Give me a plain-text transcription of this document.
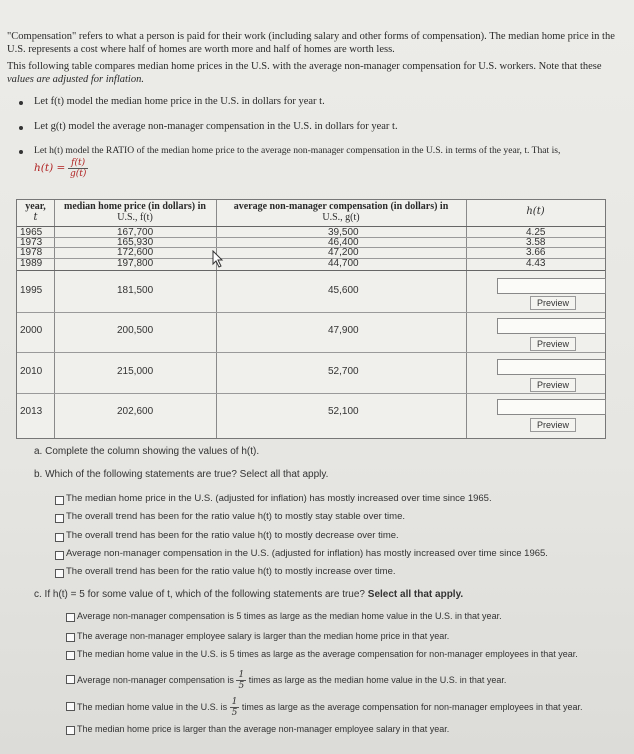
"Compensation" refers to what a person is paid for their work (including salary and other forms of compensation). The median home price in the
U.S. represents a cost where half of homes are worth more and half of homes are worth less.
This following table compares median home prices in the U.S. with the average non-manager compensation for U.S. workers. Note that these
values are adjusted for inflation.
Let f(t) model the median home price in the U.S. in dollars for year t.
Let g(t) model the average non-manager compensation in the U.S. in dollars for year t.
Let h(t) model the RATIO of the median home price to the average non-manager compensation in the U.S. in terms of the year, t. That is,
$h(t) = \frac{f(t)}{g(t)}$
year,
t
median home price (in dollars) in
U.S., f(t)
average non-manager compensation (in dollars) in
U.S., g(t)
h(t)
1965	167,700	39,500	4.25
1973	165,930	46,400	3.58
1978	172,600	47,200	3.66
1989	197,800	44,700	4.43
1995	181,500	45,600
Preview
2000	200,500	47,900
Preview
2010	215,000	52,700
Preview
2013	202,600	52,100
Preview
a. Complete the column showing the values of h(t).
b. Which of the following statements are true? Select all that apply.
The median home price in the U.S. (adjusted for inflation) has mostly increased over time since 1965.
The overall trend has been for the ratio value h(t) to mostly stay stable over time.
The overall trend has been for the ratio value h(t) to mostly decrease over time.
Average non-manager compensation in the U.S. (adjusted for inflation) has mostly increased over time since 1965.
The overall trend has been for the ratio value h(t) to mostly increase over time.
c. If h(t) = 5 for some value of t, which of the following statements are true? Select all that apply.
Average non-manager compensation is 5 times as large as the median home value in the U.S. in that year.
The average non-manager employee salary is larger than the median home price in that year.
The median home value in the U.S. is 5 times as large as the average compensation for non-manager employees in that year.
Average non-manager compensation is $\frac{1}{5}$ times as large as the median home value in the U.S. in that year.
The median home value in the U.S. is $\frac{1}{5}$ times as large as the average compensation for non-manager employees in that year.
The median home price is larger than the average non-manager employee salary in that year.
